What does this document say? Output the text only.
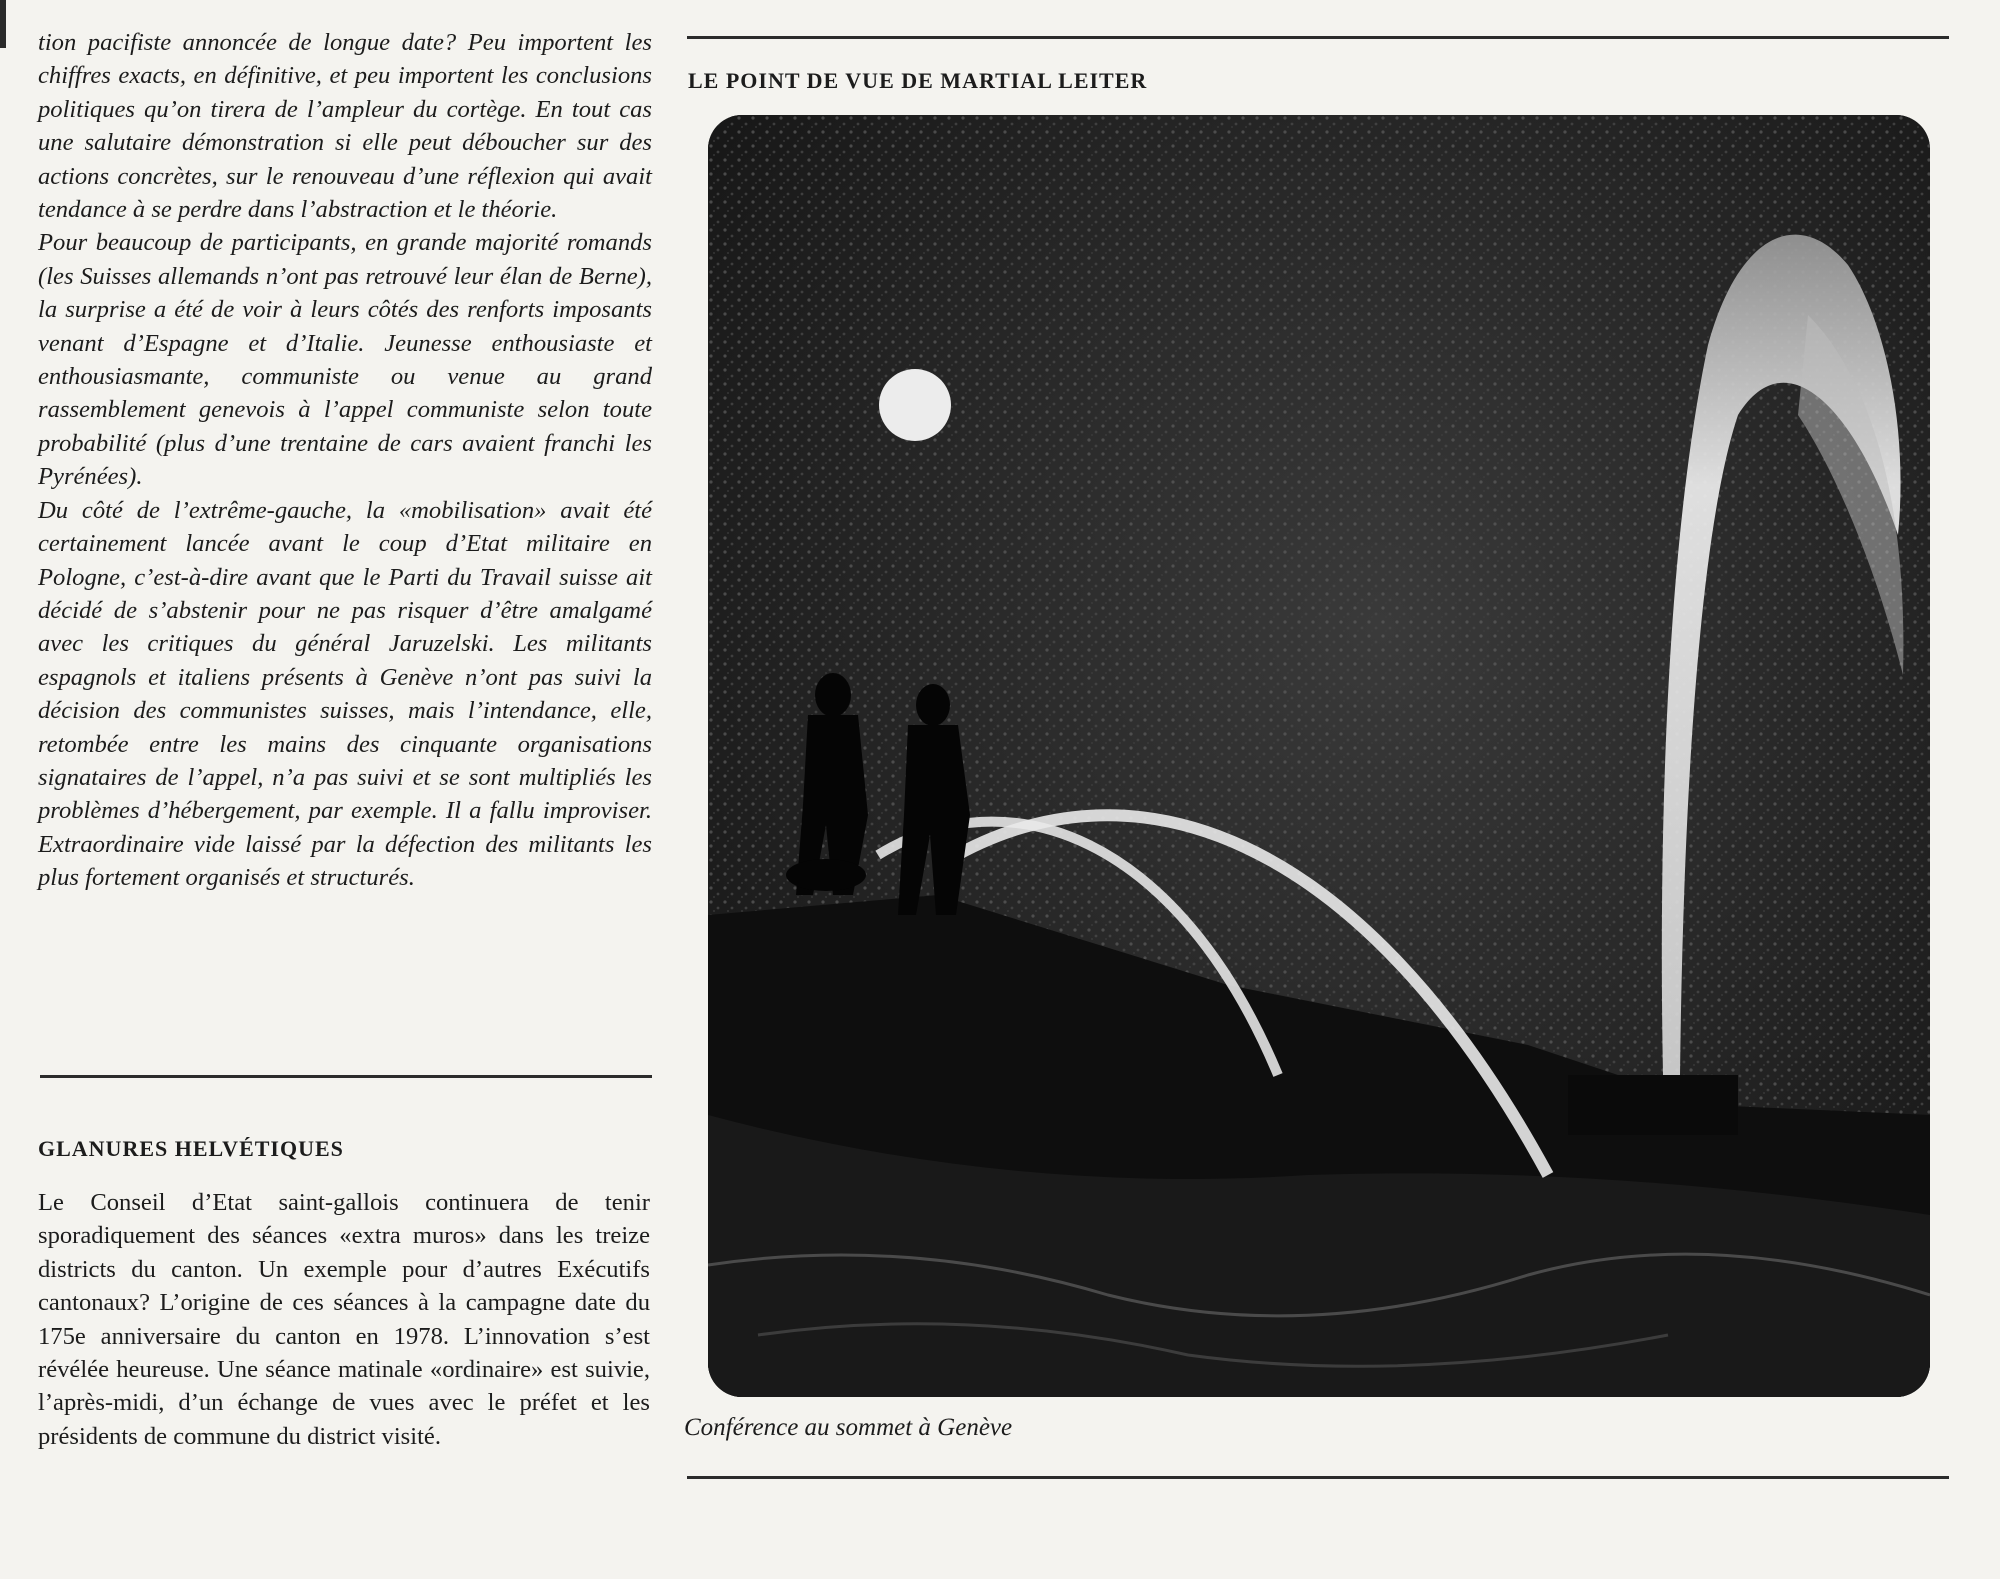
tion pacifiste annoncée de longue date? Peu importent les chiffres exacts, en définitive, et peu importent les conclusions politiques qu’on tirera de l’ampleur du cortège. En tout cas une salutaire démonstration si elle peut déboucher sur des actions concrètes, sur le renouveau d’une réflexion qui avait tendance à se perdre dans l’abstraction et le théorie.

Pour beaucoup de participants, en grande majorité romands (les Suisses allemands n’ont pas retrouvé leur élan de Berne), la surprise a été de voir à leurs côtés des renforts imposants venant d’Espagne et d’Italie. Jeunesse enthousiaste et enthousiasmante, communiste ou venue au grand rassemblement genevois à l’appel communiste selon toute probabilité (plus d’une trentaine de cars avaient franchi les Pyrénées).

Du côté de l’extrême-gauche, la «mobilisation» avait été certainement lancée avant le coup d’Etat militaire en Pologne, c’est-à-dire avant que le Parti du Travail suisse ait décidé de s’abstenir pour ne pas risquer d’être amalgamé avec les critiques du général Jaruzelski. Les militants espagnols et italiens présents à Genève n’ont pas suivi la décision des communistes suisses, mais l’intendance, elle, retombée entre les mains des cinquante organisations signataires de l’appel, n’a pas suivi et se sont multipliés les problèmes d’hébergement, par exemple. Il a fallu improviser. Extraordinaire vide laissé par la défection des militants les plus fortement organisés et structurés.

GLANURES HELVÉTIQUES

Le Conseil d’Etat saint-gallois continuera de tenir sporadiquement des séances «extra muros» dans les treize districts du canton. Un exemple pour d’autres Exécutifs cantonaux? L’origine de ces séances à la campagne date du 175e anniversaire du canton en 1978. L’innovation s’est révélée heureuse. Une séance matinale «ordinaire» est suivie, l’après-midi, d’un échange de vues avec le préfet et les présidents de commune du district visité.

LE POINT DE VUE DE MARTIAL LEITER

Conférence au sommet à Genève
